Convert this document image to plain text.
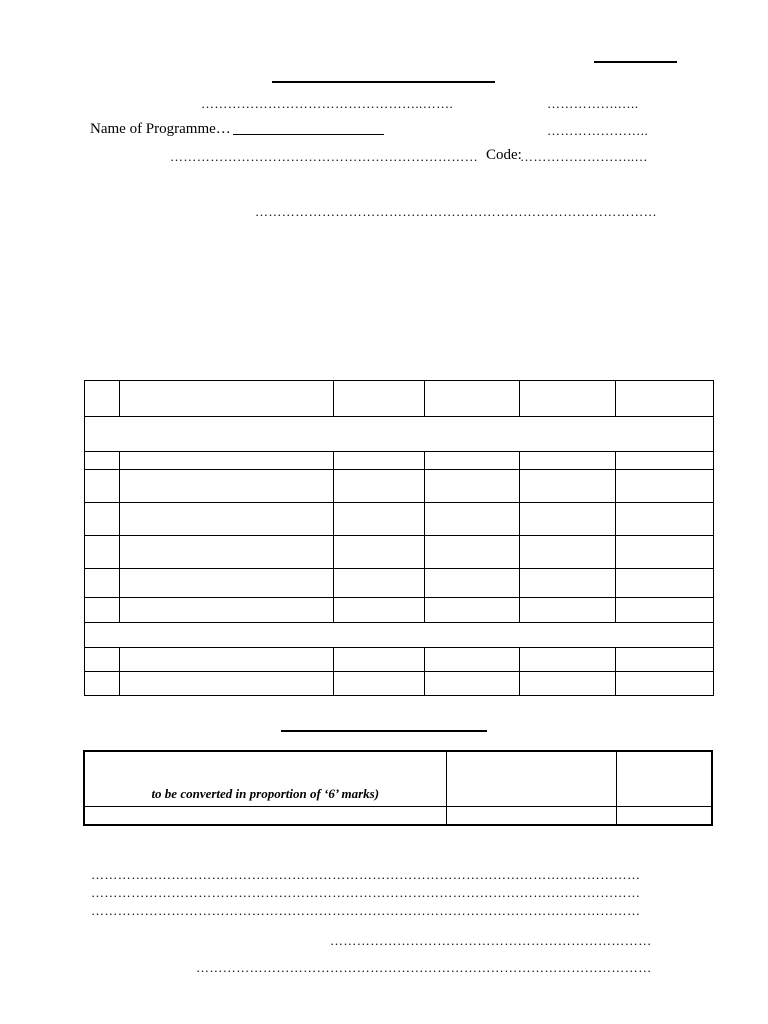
…………………………………………..…….	…………….…..
Name of Programme…	…………………..
…………………………………………………………… Code:
……………………..…
………………………………………………………………………………

to be converted in proportion of ‘6’ marks)		

……………………………………………………………………………………………………………
……………………………………………………………………………………………………………
……………………………………………………………………………………………………………
………………………………………………………………
…………………………………………………………………………………………
